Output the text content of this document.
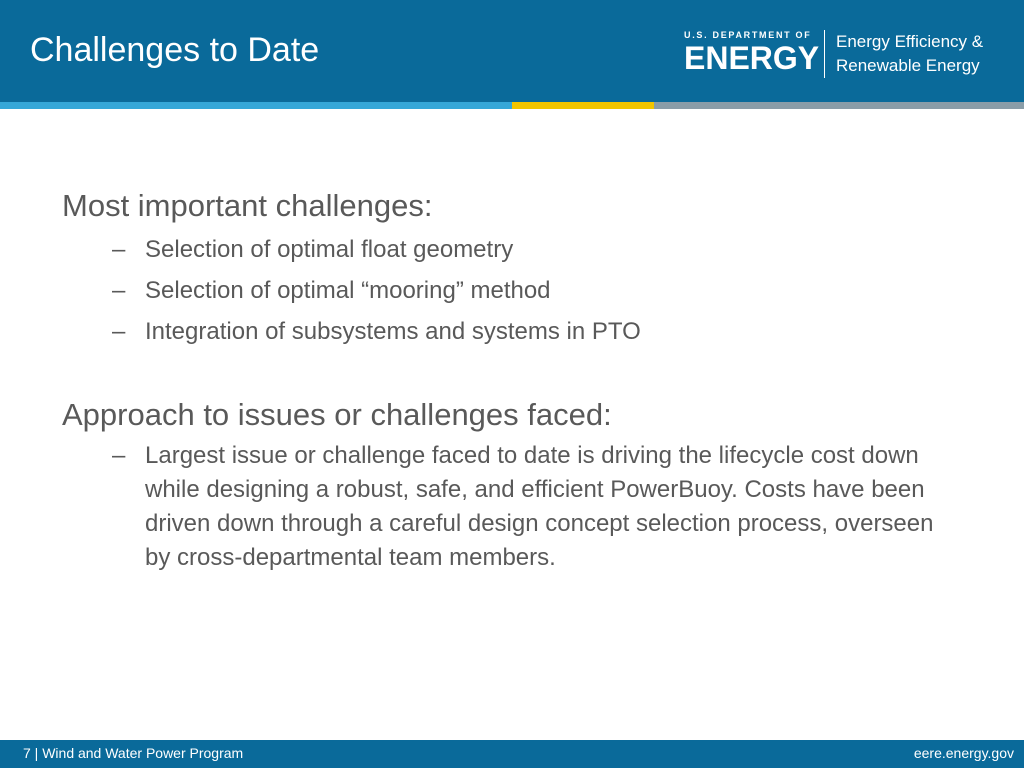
Challenges to Date	U.S. DEPARTMENT OF
ENERGY Energy Efficiency &
Renewable Energy

Most important challenges:

– Selection of optimal float geometry
– Selection of optimal “mooring” method
– Integration of subsystems and systems in PTO

Approach to issues or challenges faced:

– Largest issue or challenge faced to date is driving the lifecycle cost down while designing a robust, safe, and efficient PowerBuoy. Costs have been driven down through a careful design concept selection process, overseen by cross-departmental team members.
7 | Wind and Water Power Program	eere.energy.gov
